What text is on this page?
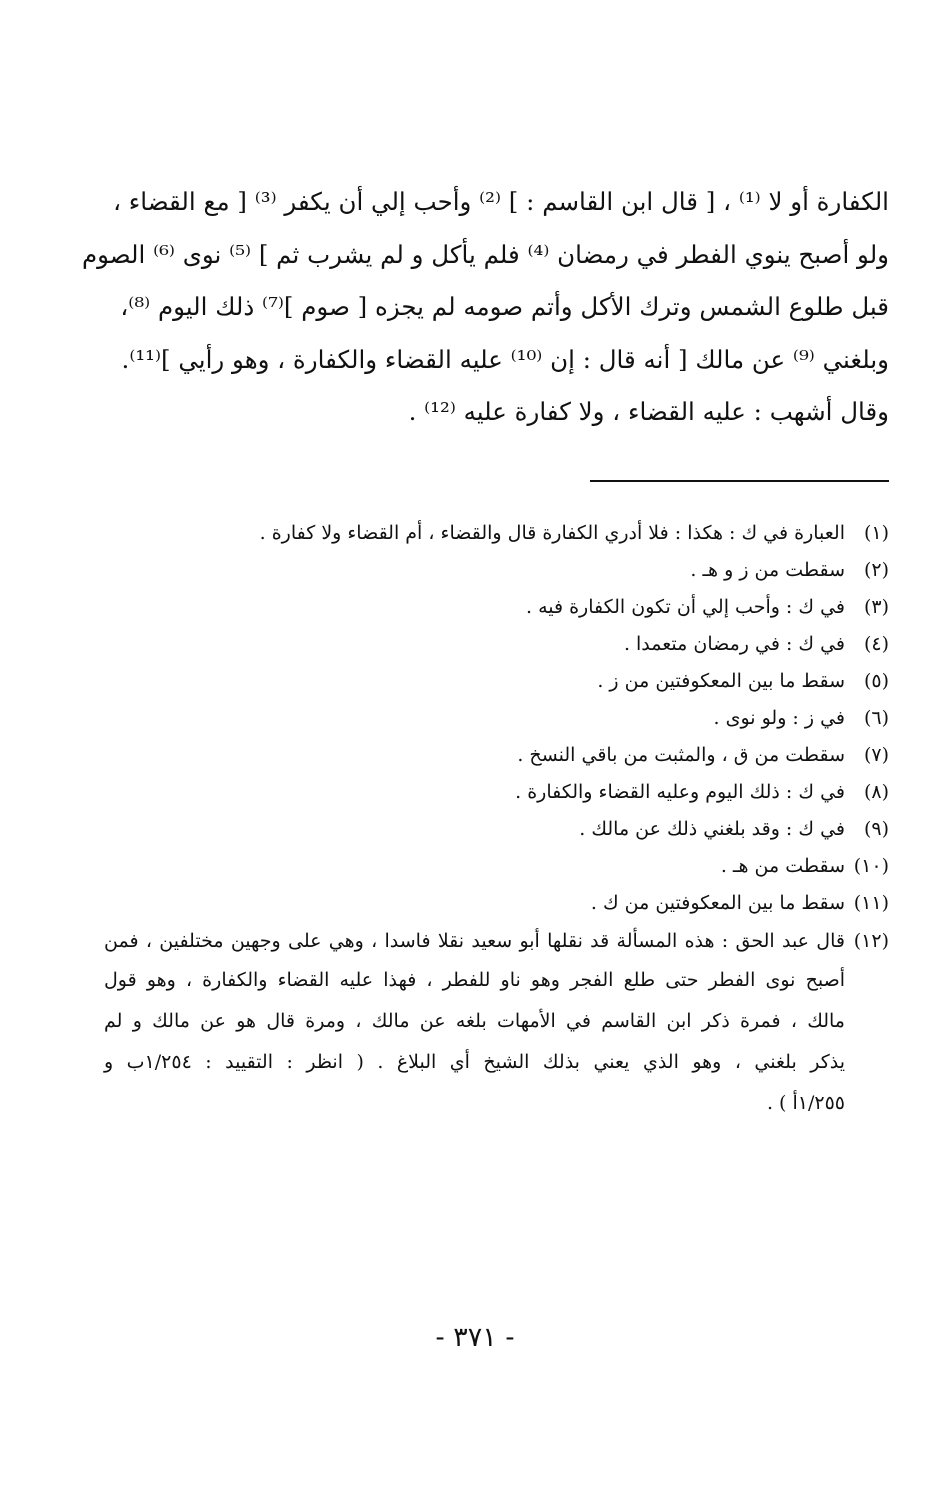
الكفارة أو لا ⁽¹⁾ ، [ قال ابن القاسم : ] ⁽²⁾ وأحب إلي أن يكفر ⁽³⁾ [ مع القضاء ،

ولو أصبح ينوي الفطر في رمضان ⁽⁴⁾ فلم يأكل و لم يشرب ثم ] ⁽⁵⁾ نوى ⁽⁶⁾ الصوم

قبل طلوع الشمس وترك الأكل وأتم صومه لم يجزه [ صوم ]⁽⁷⁾ ذلك اليوم ⁽⁸⁾،

وبلغني ⁽⁹⁾ عن مالك [ أنه قال : إن ⁽¹⁰⁾ عليه القضاء والكفارة ، وهو رأيي ]⁽¹¹⁾.

وقال أشهب : عليه القضاء ، ولا كفارة عليه ⁽¹²⁾ .

(١)
العبارة في ك : هكذا : فلا أدري الكفارة قال والقضاء ، أم القضاء ولا كفارة .
(٢)
سقطت من ز و هـ .
(٣)
في ك : وأحب إلي أن تكون الكفارة فيه .
(٤)
في ك : في رمضان متعمدا .
(٥)
سقط ما بين المعكوفتين من ز .
(٦)
في ز : ولو نوى .
(٧)
سقطت من ق ، والمثبت من باقي النسخ .
(٨)
في ك : ذلك اليوم وعليه القضاء والكفارة .
(٩)
في ك : وقد بلغني ذلك عن مالك .
(١٠)
سقطت من هـ .
(١١)
سقط ما بين المعكوفتين من ك .
(١٢)
قال عبد الحق : هذه المسألة قد نقلها أبو سعيد نقلا فاسدا ، وهي على وجهين مختلفين ، فمن
أصبح نوى الفطر حتى طلع الفجر وهو ناو للفطر ، فهذا عليه القضاء والكفارة ، وهو قول
مالك ، فمرة ذكر ابن القاسم في الأمهات بلغه عن مالك ، ومرة قال هو عن مالك و لم
يذكر بلغني ، وهو الذي يعني بذلك الشيخ أي البلاغ . ( انظر : التقييد : ١/٢٥٤ب و
١/٢٥٥أ ) .
- ٣٧١ -
